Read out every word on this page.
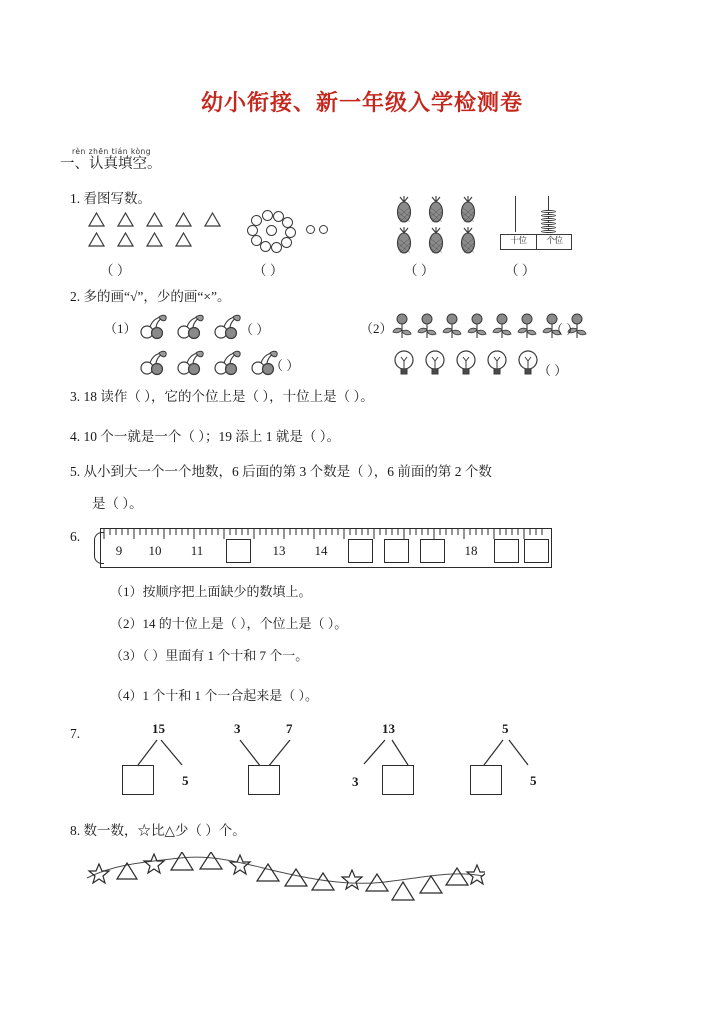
幼小衔接、新一年级入学检测卷
rèn zhēn tián kòng
一、认真填空。
1. 看图写数。

十位	个位
（ ）	（ ）	（ ）	（ ）
2. 多的画“√”，少的画“×”。
（1）
	（ ）

（ ）
（2）
	（ ）

（ ）
3. 18 读作（ ），它的个位上是（ ），十位上是（ ）。
4. 10 个一就是一个（ ）；19 添上 1 就是（ ）。
5. 从小到大一个一个地数，6 后面的第 3 个数是（ ），6 前面的第 2 个数
是（ ）。
6.
9	10	11	13	14	18
（1）按顺序把上面缺少的数填上。
（2）14 的十位上是（ ），个位上是（ ）。
（3）（ ）里面有 1 个十和 7 个一。
（4）1 个十和 1 个一合起来是（ ）。
7.	15
5
3	7	13
3
5
5
8. 数一数，☆比△少（ ）个。
